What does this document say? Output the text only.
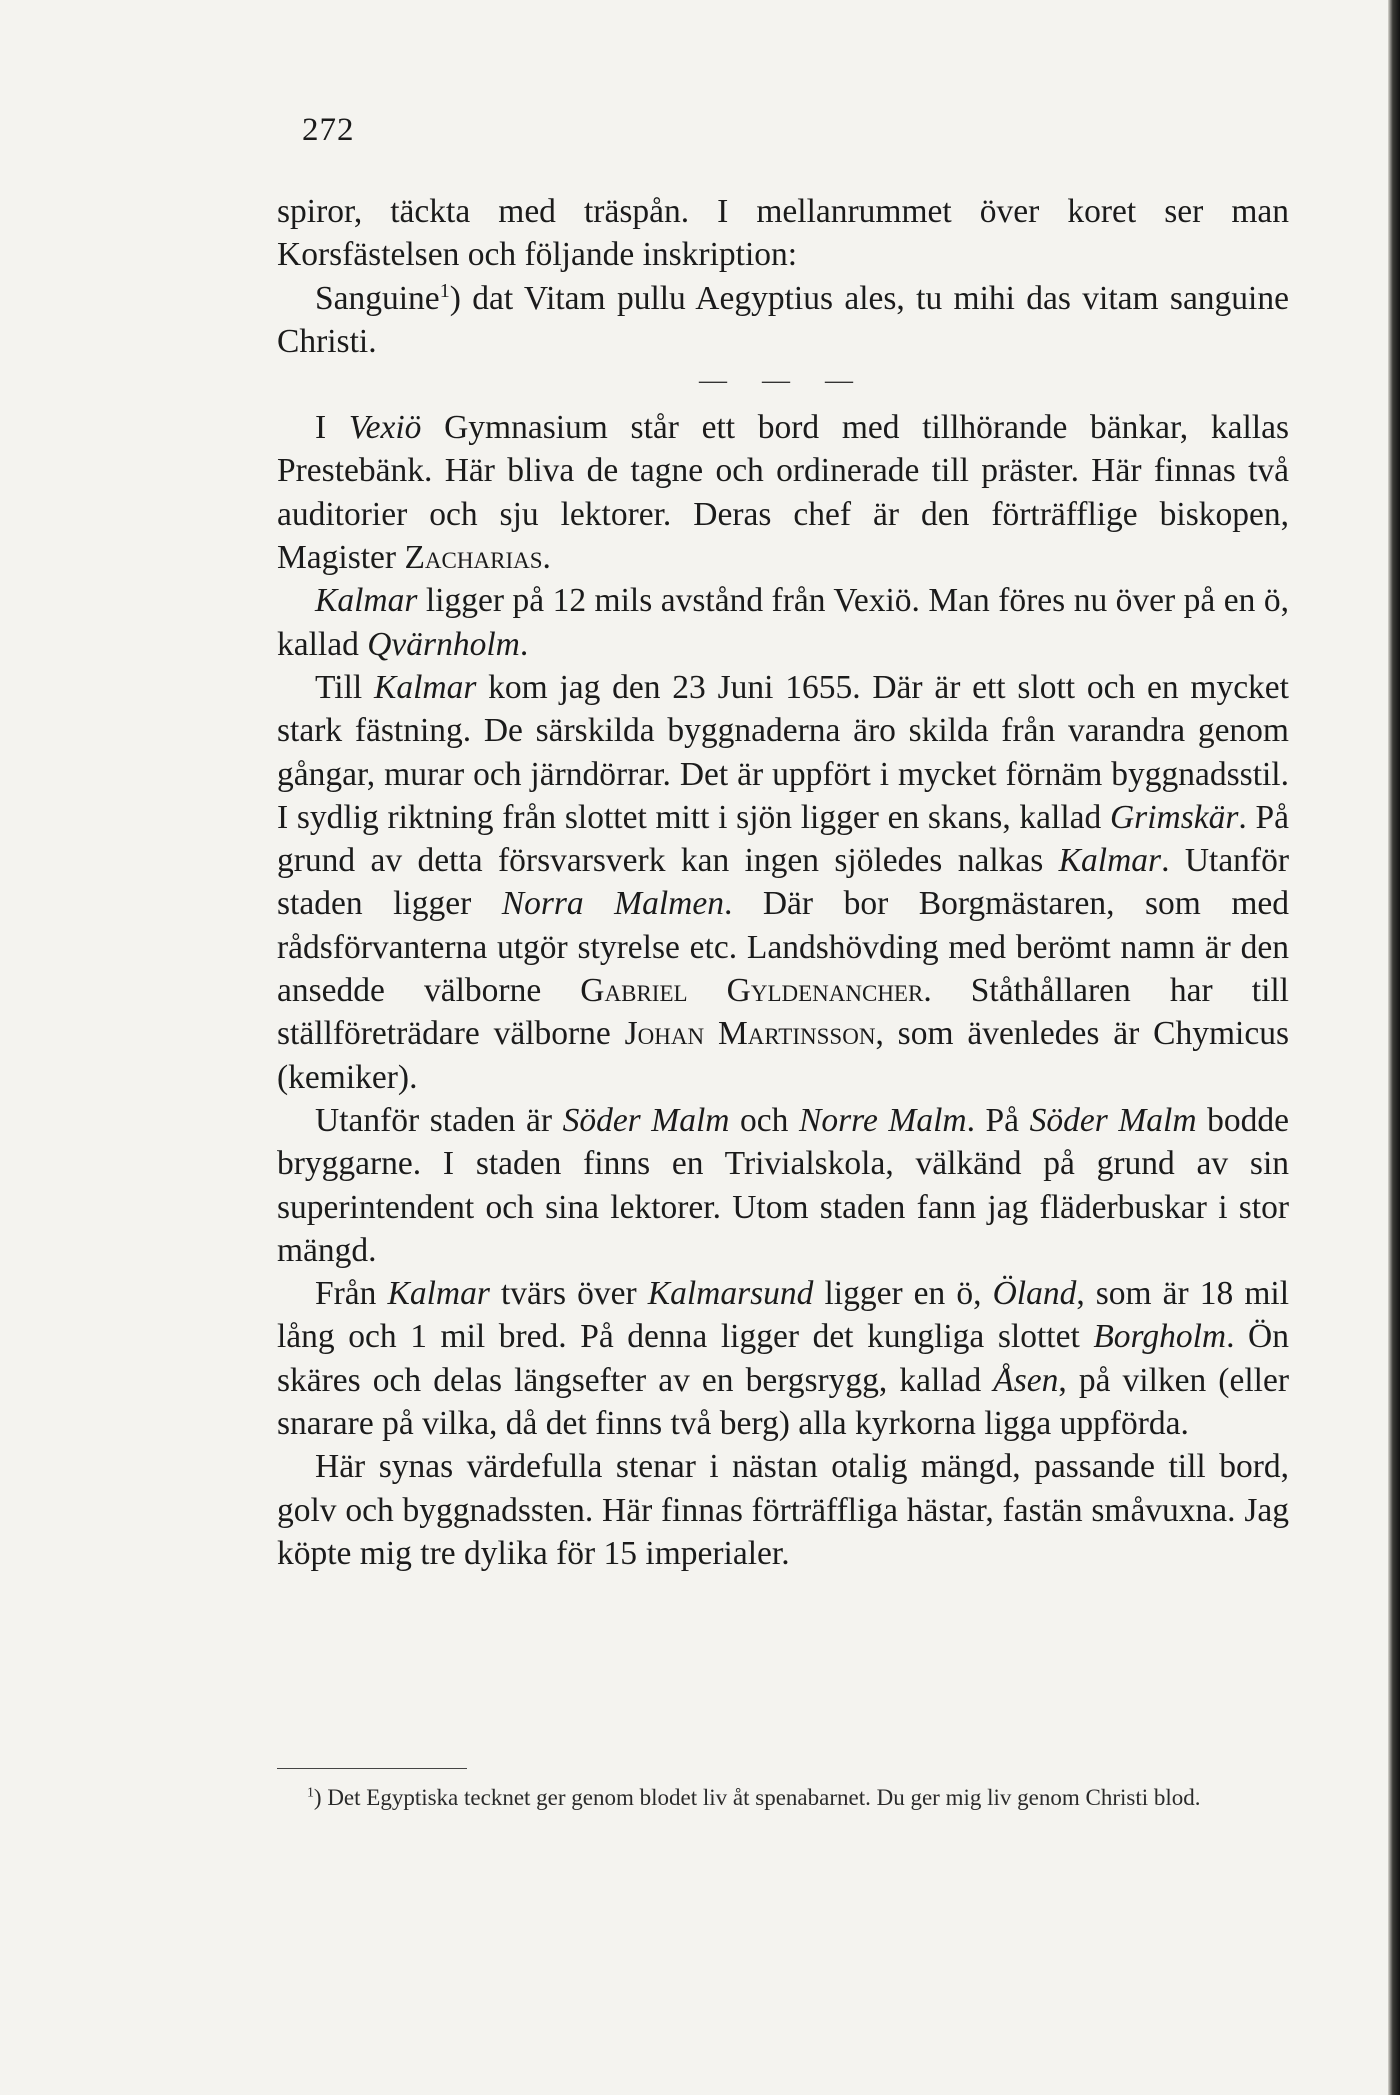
272

spiror, täckta med träspån. I mellanrummet över koret ser man Korsfästelsen och följande inskription:

Sanguine$^1$) dat Vitam pullu Aegyptius ales, tu mihi das vitam sanguine Christi.

— — —

I Vexiö Gymnasium står ett bord med tillhörande bänkar, kallas Prestebänk. Här bliva de tagne och ordinerade till präster. Här finnas två auditorier och sju lektorer. Deras chef är den förträfflige biskopen, Magister Zacharias.

Kalmar ligger på 12 mils avstånd från Vexiö. Man föres nu över på en ö, kallad Qvärnholm.

Till Kalmar kom jag den 23 Juni 1655. Där är ett slott och en mycket stark fästning. De särskilda byggnaderna äro skilda från varandra genom gångar, murar och järndörrar. Det är uppfört i mycket förnäm byggnadsstil. I sydlig riktning från slottet mitt i sjön ligger en skans, kallad Grimskär. På grund av detta försvarsverk kan ingen sjöledes nalkas Kalmar. Utanför staden ligger Norra Malmen. Där bor Borgmästaren, som med rådsförvanterna utgör styrelse etc. Landshövding med berömt namn är den ansedde välborne Gabriel Gyldenancher. Ståthållaren har till ställföreträdare välborne Johan Martinsson, som ävenledes är Chymicus (kemiker).

Utanför staden är Söder Malm och Norre Malm. På Söder Malm bodde bryggarne. I staden finns en Trivialskola, välkänd på grund av sin superintendent och sina lektorer. Utom staden fann jag fläderbuskar i stor mängd.

Från Kalmar tvärs över Kalmarsund ligger en ö, Öland, som är 18 mil lång och 1 mil bred. På denna ligger det kungliga slottet Borgholm. Ön skäres och delas längsefter av en bergsrygg, kallad Åsen, på vilken (eller snarare på vilka, då det finns två berg) alla kyrkorna ligga uppförda.

Här synas värdefulla stenar i nästan otalig mängd, passande till bord, golv och byggnadssten. Här finnas förträffliga hästar, fastän småvuxna. Jag köpte mig tre dylika för 15 imperialer.

$^1$) Det Egyptiska tecknet ger genom blodet liv åt spenabarnet. Du ger mig liv genom Christi blod.
